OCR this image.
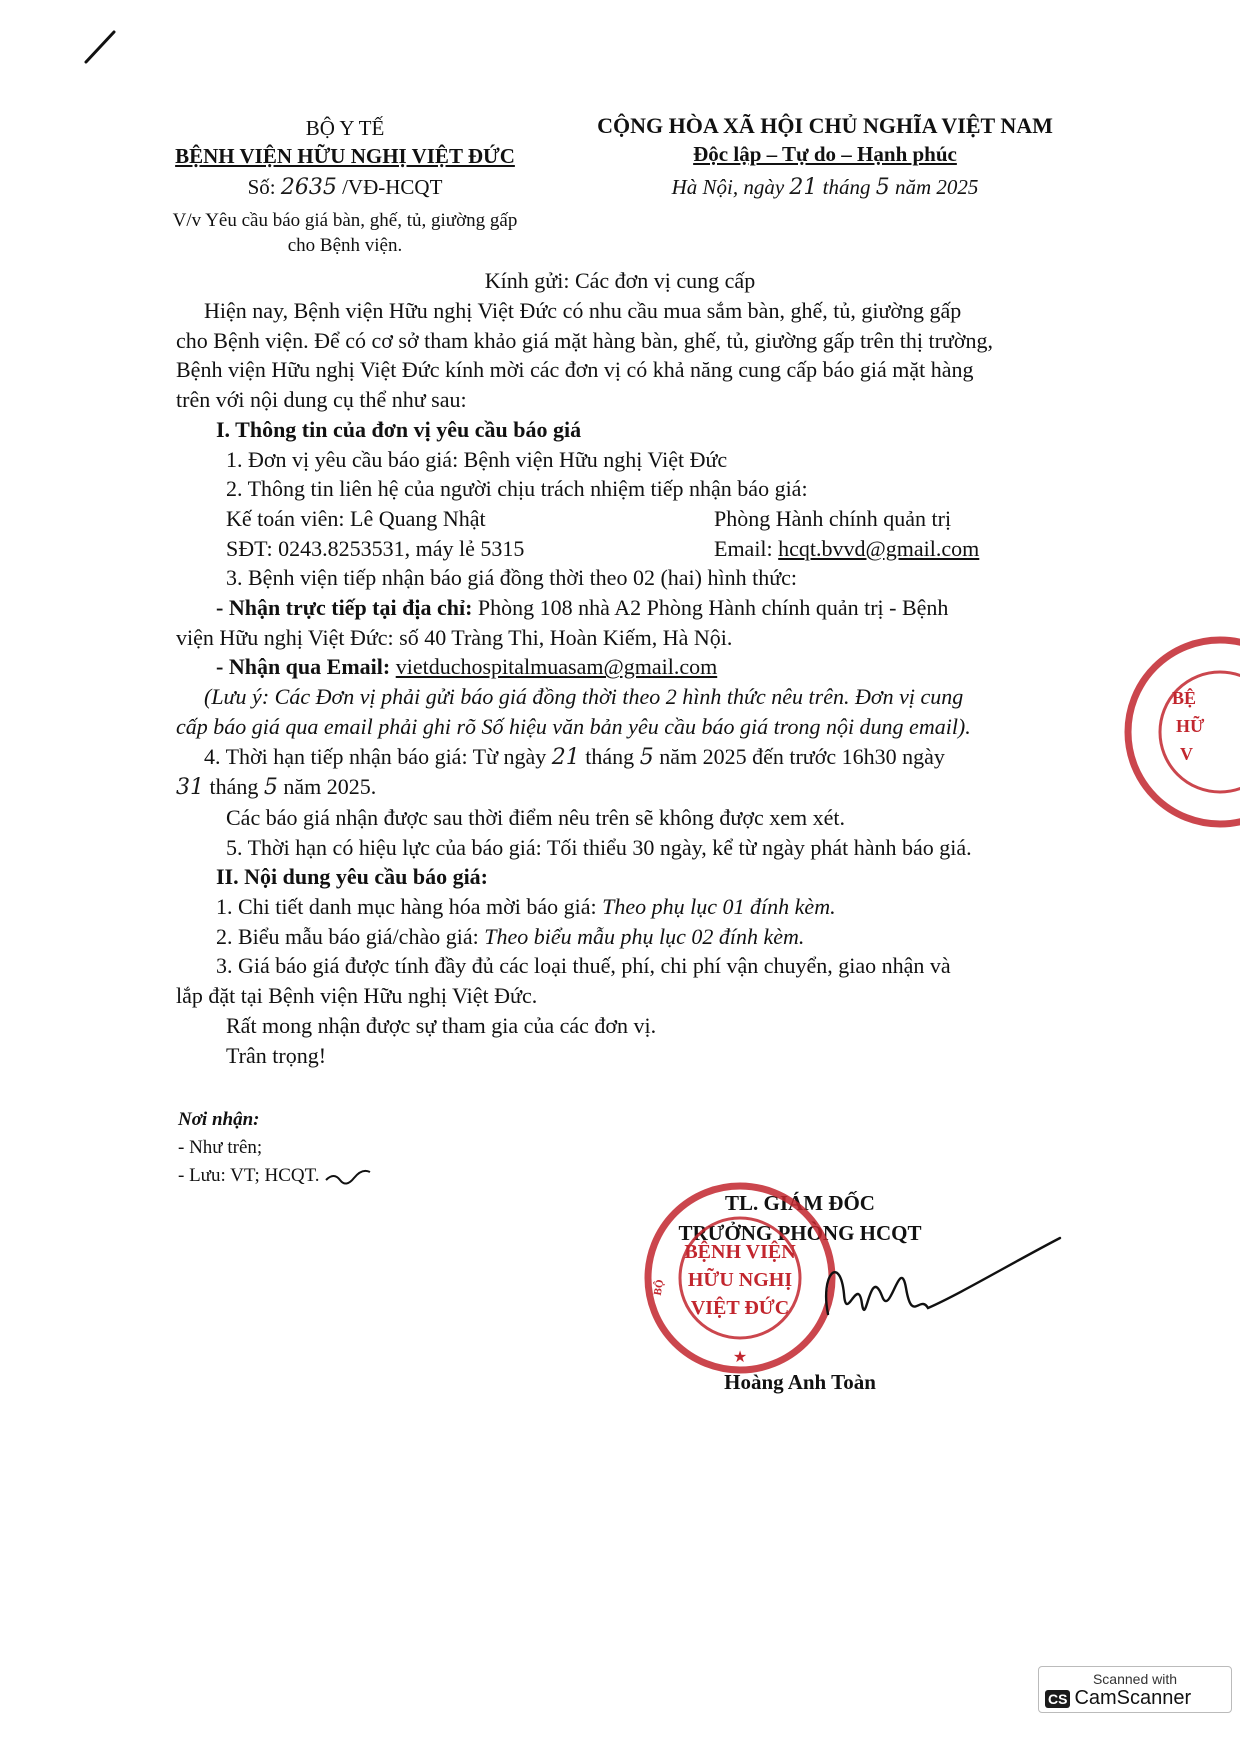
BỘ Y TẾ
BỆNH VIỆN HỮU NGHỊ VIỆT ĐỨC
Số: 2635 /VĐ-HCQT
V/v Yêu cầu báo giá bàn, ghế, tủ, giường gấp
cho Bệnh viện.
CỘNG HÒA XÃ HỘI CHỦ NGHĨA VIỆT NAM
Độc lập – Tự do – Hạnh phúc
Hà Nội, ngày 21 tháng 5 năm 2025
Kính gửi: Các đơn vị cung cấp
Hiện nay, Bệnh viện Hữu nghị Việt Đức có nhu cầu mua sắm bàn, ghế, tủ, giường gấp
cho Bệnh viện. Để có cơ sở tham khảo giá mặt hàng bàn, ghế, tủ, giường gấp trên thị trường,
Bệnh viện Hữu nghị Việt Đức kính mời các đơn vị có khả năng cung cấp báo giá mặt hàng
trên với nội dung cụ thể như sau:
I. Thông tin của đơn vị yêu cầu báo giá
1. Đơn vị yêu cầu báo giá: Bệnh viện Hữu nghị Việt Đức
2. Thông tin liên hệ của người chịu trách nhiệm tiếp nhận báo giá:
Kế toán viên: Lê Quang Nhật	Phòng Hành chính quản trị

SĐT: 0243.8253531, máy lẻ 5315	Email: hcqt.bvvd@gmail.com

3. Bệnh viện tiếp nhận báo giá đồng thời theo 02 (hai) hình thức:
- Nhận trực tiếp tại địa chỉ: Phòng 108 nhà A2 Phòng Hành chính quản trị - Bệnh
viện Hữu nghị Việt Đức: số 40 Tràng Thi, Hoàn Kiếm, Hà Nội.
- Nhận qua Email: vietduchospitalmuasam@gmail.com
(Lưu ý: Các Đơn vị phải gửi báo giá đồng thời theo 2 hình thức nêu trên. Đơn vị cung
cấp báo giá qua email phải ghi rõ Số hiệu văn bản yêu cầu báo giá trong nội dung email).
4. Thời hạn tiếp nhận báo giá: Từ ngày 21 tháng 5 năm 2025 đến trước 16h30 ngày
31 tháng 5 năm 2025.
Các báo giá nhận được sau thời điểm nêu trên sẽ không được xem xét.
5. Thời hạn có hiệu lực của báo giá: Tối thiểu 30 ngày, kể từ ngày phát hành báo giá.
II. Nội dung yêu cầu báo giá:
1. Chi tiết danh mục hàng hóa mời báo giá: Theo phụ lục 01 đính kèm.
2. Biểu mẫu báo giá/chào giá: Theo biểu mẫu phụ lục 02 đính kèm.
3. Giá báo giá được tính đầy đủ các loại thuế, phí, chi phí vận chuyển, giao nhận và
lắp đặt tại Bệnh viện Hữu nghị Việt Đức.
Rất mong nhận được sự tham gia của các đơn vị.
Trân trọng!
Nơi nhận:
- Như trên;
- Lưu: VT; HCQT.
TL. GIÁM ĐỐC
TRƯỞNG PHÒNG HCQT
BỆNH VIỆN
HỮU NGHỊ
VIỆT ĐỨC
BỘ
★
Hoàng Anh Toàn
BỆ
HỮ
V
Scanned with
CS CamScanner
